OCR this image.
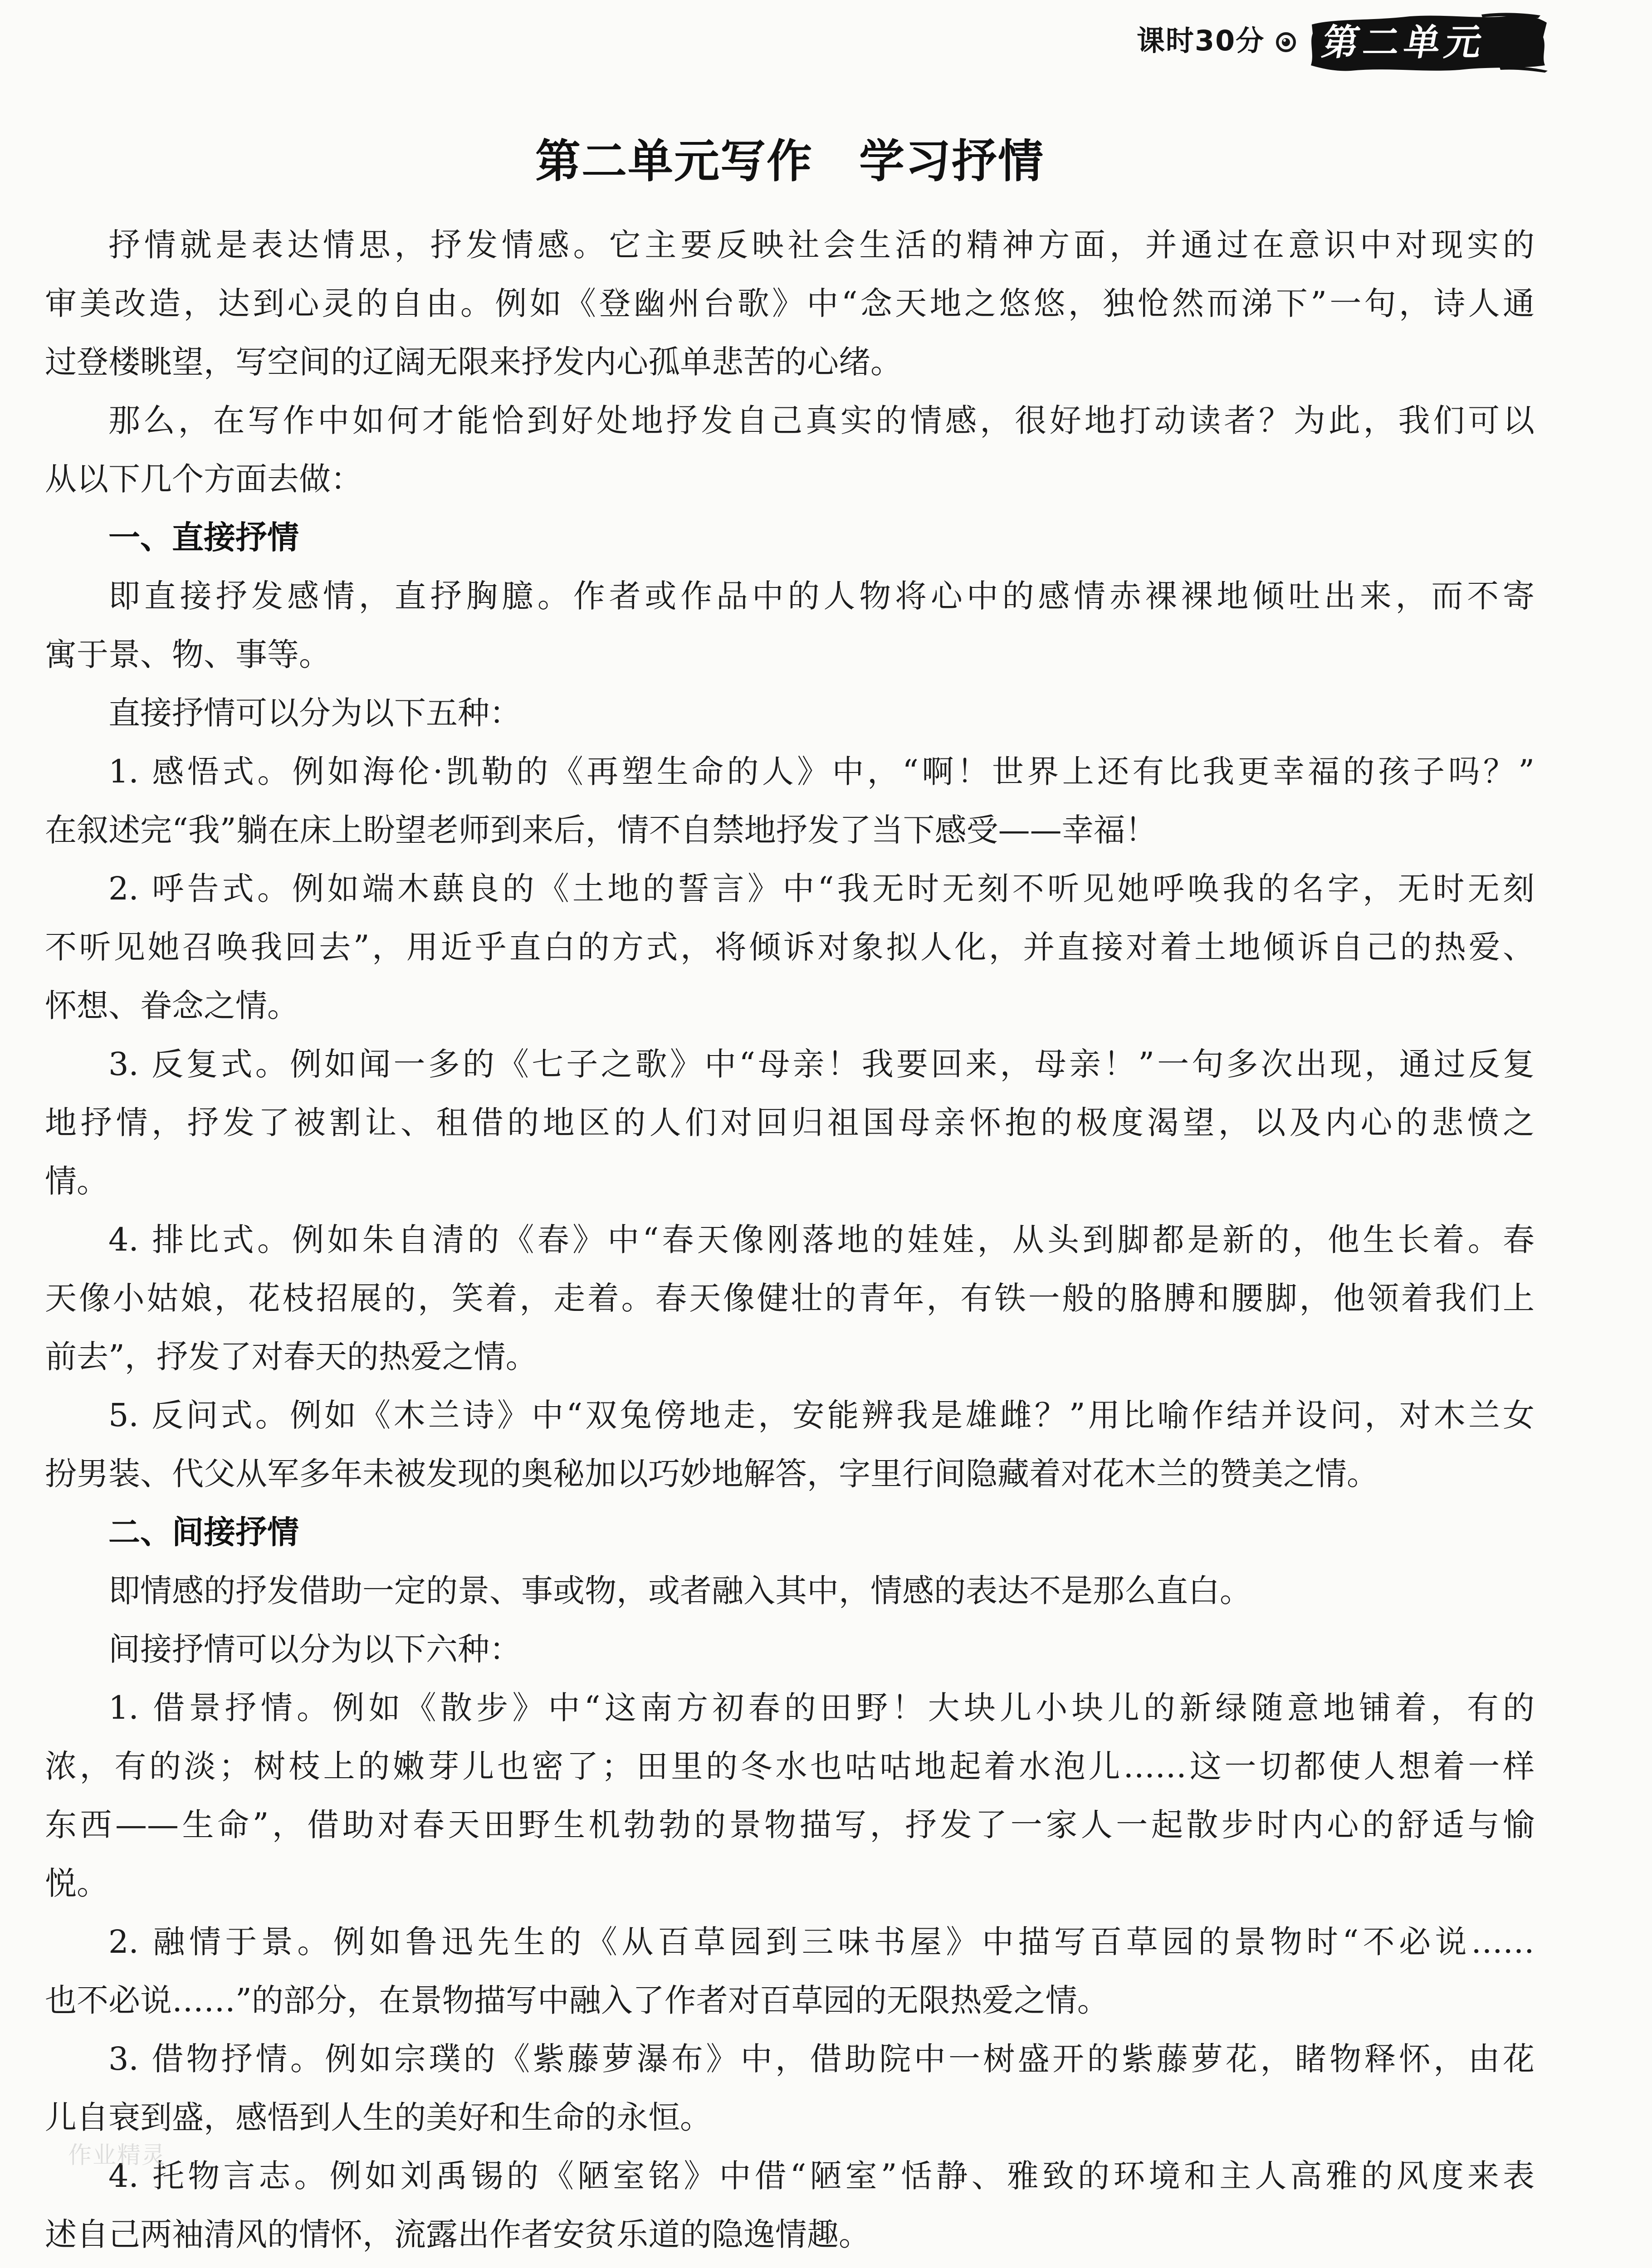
课时30分 第二单元
第二单元写作　学习抒情
抒情就是表达情思，抒发情感。它主要反映社会生活的精神方面，并通过在意识中对现实的
审美改造，达到心灵的自由。例如《登幽州台歌》中“念天地之悠悠，独怆然而涕下”一句，诗人通
过登楼眺望，写空间的辽阔无限来抒发内心孤单悲苦的心绪。
那么，在写作中如何才能恰到好处地抒发自己真实的情感，很好地打动读者？为此，我们可以
从以下几个方面去做：
一、直接抒情
即直接抒发感情，直抒胸臆。作者或作品中的人物将心中的感情赤裸裸地倾吐出来，而不寄
寓于景、物、事等。
直接抒情可以分为以下五种：
1. 感悟式。例如海伦·凯勒的《再塑生命的人》中，“啊！世界上还有比我更幸福的孩子吗？”
在叙述完“我”躺在床上盼望老师到来后，情不自禁地抒发了当下感受——幸福！
2. 呼告式。例如端木蕻良的《土地的誓言》中“我无时无刻不听见她呼唤我的名字，无时无刻
不听见她召唤我回去”，用近乎直白的方式，将倾诉对象拟人化，并直接对着土地倾诉自己的热爱、
怀想、眷念之情。
3. 反复式。例如闻一多的《七子之歌》中“母亲！我要回来，母亲！”一句多次出现，通过反复
地抒情，抒发了被割让、租借的地区的人们对回归祖国母亲怀抱的极度渴望，以及内心的悲愤之
情。
4. 排比式。例如朱自清的《春》中“春天像刚落地的娃娃，从头到脚都是新的，他生长着。春
天像小姑娘，花枝招展的，笑着，走着。春天像健壮的青年，有铁一般的胳膊和腰脚，他领着我们上
前去”，抒发了对春天的热爱之情。
5. 反问式。例如《木兰诗》中“双兔傍地走，安能辨我是雄雌？”用比喻作结并设问，对木兰女
扮男装、代父从军多年未被发现的奥秘加以巧妙地解答，字里行间隐藏着对花木兰的赞美之情。
二、间接抒情
即情感的抒发借助一定的景、事或物，或者融入其中，情感的表达不是那么直白。
间接抒情可以分为以下六种：
1. 借景抒情。例如《散步》中“这南方初春的田野！大块儿小块儿的新绿随意地铺着，有的
浓，有的淡；树枝上的嫩芽儿也密了；田里的冬水也咕咕地起着水泡儿……这一切都使人想着一样
东西——生命”，借助对春天田野生机勃勃的景物描写，抒发了一家人一起散步时内心的舒适与愉
悦。
2. 融情于景。例如鲁迅先生的《从百草园到三味书屋》中描写百草园的景物时“不必说……
也不必说……”的部分，在景物描写中融入了作者对百草园的无限热爱之情。
3. 借物抒情。例如宗璞的《紫藤萝瀑布》中，借助院中一树盛开的紫藤萝花，睹物释怀，由花
儿自衰到盛，感悟到人生的美好和生命的永恒。
4. 托物言志。例如刘禹锡的《陋室铭》中借“陋室”恬静、雅致的环境和主人高雅的风度来表
述自己两袖清风的情怀，流露出作者安贫乐道的隐逸情趣。
作业精灵
